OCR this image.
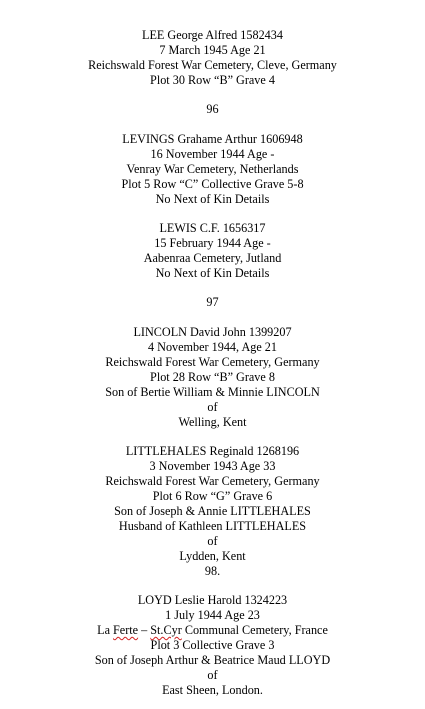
LEE George Alfred 1582434
7 March 1945 Age 21
Reichswald Forest War Cemetery, Cleve, Germany
Plot 30 Row “B” Grave 4
96
LEVINGS Grahame Arthur 1606948
16 November 1944 Age -
Venray War Cemetery, Netherlands
Plot 5 Row “C” Collective Grave 5-8
No Next of Kin Details
LEWIS C.F. 1656317
15 February 1944 Age -
Aabenraa Cemetery, Jutland
No Next of Kin Details
97
LINCOLN David John 1399207
4 November 1944, Age 21
Reichswald Forest War Cemetery, Germany
Plot 28 Row “B” Grave 8
Son of Bertie William & Minnie LINCOLN
of
Welling, Kent
LITTLEHALES Reginald 1268196
3 November 1943 Age 33
Reichswald Forest War Cemetery, Germany
Plot 6 Row “G” Grave 6
Son of Joseph & Annie LITTLEHALES
Husband of Kathleen LITTLEHALES
of
Lydden, Kent
98.
LOYD Leslie Harold 1324223
1 July 1944 Age 23
La Ferte – St.Cyr Communal Cemetery, France
Plot 3 Collective Grave 3
Son of Joseph Arthur & Beatrice Maud LLOYD
of
East Sheen, London.
